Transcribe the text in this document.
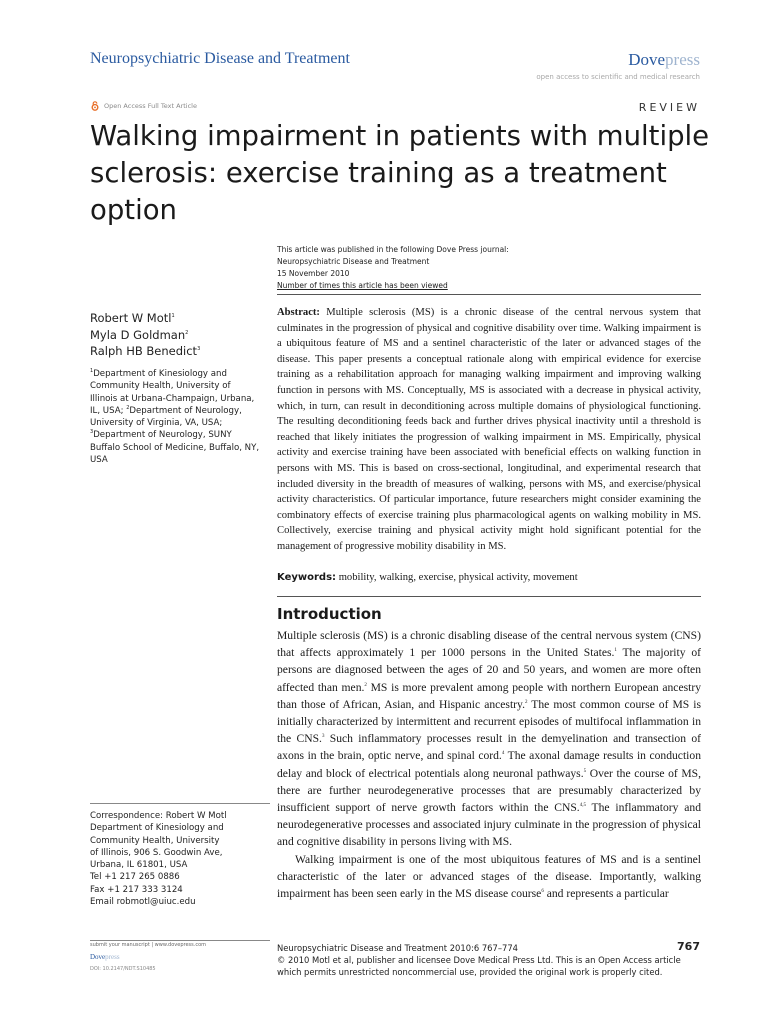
Neuropsychiatric Disease and Treatment	Dovepress
open access to scientific and medical research
Open Access Full Text Article	REVIEW
Walking impairment in patients with multiple sclerosis: exercise training as a treatment option
This article was published in the following Dove Press journal:
Neuropsychiatric Disease and Treatment
15 November 2010
Number of times this article has been viewed
Robert W Motl$^1$
Myla D Goldman$^2$
Ralph HB Benedict$^3$
$^1$Department of Kinesiology and Community Health, University of Illinois at Urbana-Champaign, Urbana, IL, USA; $^2$Department of Neurology, University of Virginia, VA, USA; $^3$Department of Neurology, SUNY Buffalo School of Medicine, Buffalo, NY, USA
Correspondence: Robert W Motl
Department of Kinesiology and
Community Health, University
of Illinois, 906 S. Goodwin Ave,
Urbana, IL 61801, USA
Tel +1 217 265 0886
Fax +1 217 333 3124
Email robmotl@uiuc.edu

Abstract: Multiple sclerosis (MS) is a chronic disease of the central nervous system that culminates in the progression of physical and cognitive disability over time. Walking impairment is a ubiquitous feature of MS and a sentinel characteristic of the later or advanced stages of the disease. This paper presents a conceptual rationale along with empirical evidence for exercise training as a rehabilitation approach for managing walking impairment and improving walking function in persons with MS. Conceptually, MS is associated with a decrease in physical activity, which, in turn, can result in deconditioning across multiple domains of physiological functioning. The resulting deconditioning feeds back and further drives physical inactivity until a threshold is reached that likely initiates the progression of walking impairment in MS. Empirically, physical activity and exercise training have been associated with beneficial effects on walking function in persons with MS. This is based on cross-sectional, longitudinal, and experimental research that included diversity in the breadth of measures of walking, persons with MS, and exercise/physical activity characteristics. Of particular importance, future researchers might consider examining the combinatory effects of exercise training plus pharmacological agents on walking mobility in MS. Collectively, exercise training and physical activity might hold significant potential for the management of progressive mobility disability in MS.

Keywords: mobility, walking, exercise, physical activity, movement

Introduction

Multiple sclerosis (MS) is a chronic disabling disease of the central nervous system (CNS) that affects approximately 1 per 1000 persons in the United States.$^1$ The majority of persons are diagnosed between the ages of 20 and 50 years, and women are more often affected than men.$^2$ MS is more prevalent among people with northern European ancestry than those of African, Asian, and Hispanic ancestry.$^2$ The most common course of MS is initially characterized by intermittent and recurrent episodes of multifocal inflammation in the CNS.$^3$ Such inflammatory processes result in the demyelination and transection of axons in the brain, optic nerve, and spinal cord.$^4$ The axonal damage results in conduction delay and block of electrical potentials along neuronal pathways.$^5$ Over the course of MS, there are further neurodegenerative processes that are presumably characterized by insufficient support of nerve growth factors within the CNS.$^{4,5}$ The inflammatory and neurodegenerative processes and associated injury culminate in the progression of physical and cognitive disability in persons living with MS.

Walking impairment is one of the most ubiquitous features of MS and is a sentinel characteristic of the later or advanced stages of the disease. Importantly, walking impairment has been seen early in the MS disease course$^6$ and represents a particular

submit your manuscript | www.dovepress.com
Dovepress
DOI: 10.2147/NDT.S10485
Neuropsychiatric Disease and Treatment 2010:6 767–774
© 2010 Motl et al, publisher and licensee Dove Medical Press Ltd. This is an Open Access article
which permits unrestricted noncommercial use, provided the original work is properly cited.
767
